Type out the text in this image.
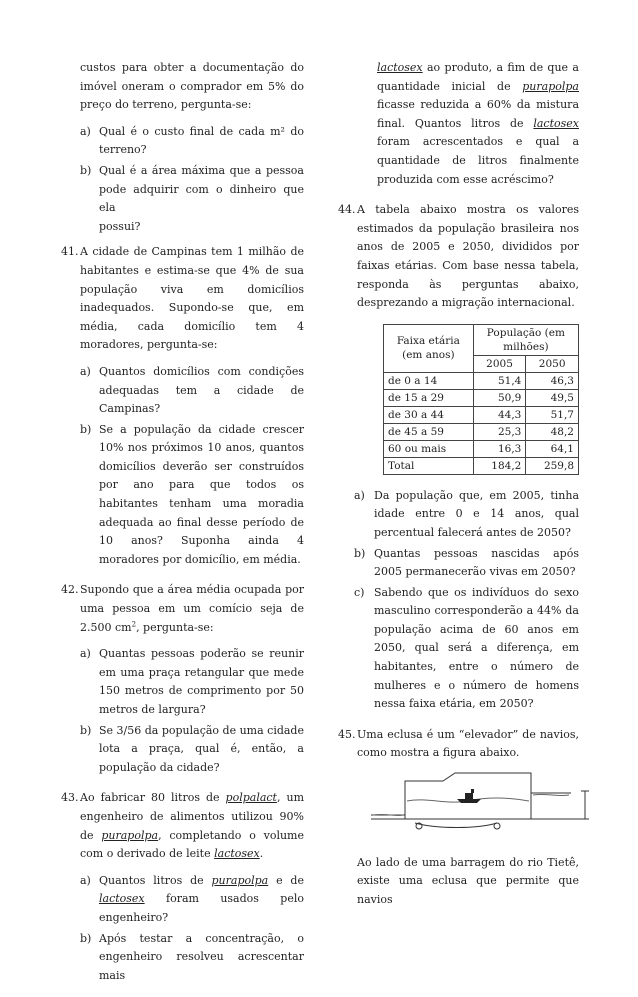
custos para obter a documentação do

imóvel oneram o comprador em 5% do

preço do terreno, pergunta-se:

a) Qual é o custo final de cada m² do

terreno?

b) Qual é a área máxima que a pessoa

pode adquirir com o dinheiro que ela

possui?

41. A cidade de Campinas tem 1 milhão de habitantes e estima-se que 4% de sua população viva em domicílios inadequados. Supondo-se que, em média, cada domicílio tem 4 moradores, pergunta-se:

a) Quantos domicílios com condições adequadas tem a cidade de Campinas?

b) Se a população da cidade crescer 10% nos próximos 10 anos, quantos domicílios deverão ser construídos por ano para que todos os habitantes tenham uma moradia adequada ao final desse período de 10 anos? Suponha ainda 4 moradores por domicílio, em média.

42. Supondo que a área média ocupada por uma pessoa em um comício seja de 2.500 $cm^2$, pergunta-se:

a) Quantas pessoas poderão se reunir em uma praça retangular que mede 150 metros de comprimento por 50 metros de largura?

b) Se 3/56 da população de uma cidade lota a praça, qual é, então, a população da cidade?

43. Ao fabricar 80 litros de polpalact, um engenheiro de alimentos utilizou 90% de purapolpa, completando o volume com o derivado de leite lactosex.

a) Quantos litros de purapolpa e de lactosex foram usados pelo engenheiro?

b) Após testar a concentração, o engenheiro resolveu acrescentar mais

lactosex ao produto, a fim de que a quantidade inicial de purapolpa ficasse reduzida a 60% da mistura final. Quantos litros de lactosex foram acrescentados e qual a quantidade de litros finalmente produzida com esse acréscimo?

44. A tabela abaixo mostra os valores estimados da população brasileira nos anos de 2005 e 2050, divididos por faixas etárias. Com base nessa tabela, responda às perguntas abaixo, desprezando a migração internacional.

Faixa etária (em anos)	População (em milhões)	
	2005	2050
de 0 a 14	51,4	46,3
de 15 a 29	50,9	49,5
de 30 a 44	44,3	51,7
de 45 a 59	25,3	48,2
60 ou mais	16,3	64,1
Total	184,2	259,8
a) Da população que, em 2005, tinha idade entre 0 e 14 anos, qual percentual falecerá antes de 2050?

b) Quantas pessoas nascidas após 2005 permanecerão vivas em 2050?

c) Sabendo que os indivíduos do sexo masculino corresponderão a 44% da população acima de 60 anos em 2050, qual será a diferença, em habitantes, entre o número de mulheres e o número de homens nessa faixa etária, em 2050?

45. Uma eclusa é um “elevador” de navios, como mostra a figura abaixo.

Ao lado de uma barragem do rio Tietê, existe uma eclusa que permite que navios
